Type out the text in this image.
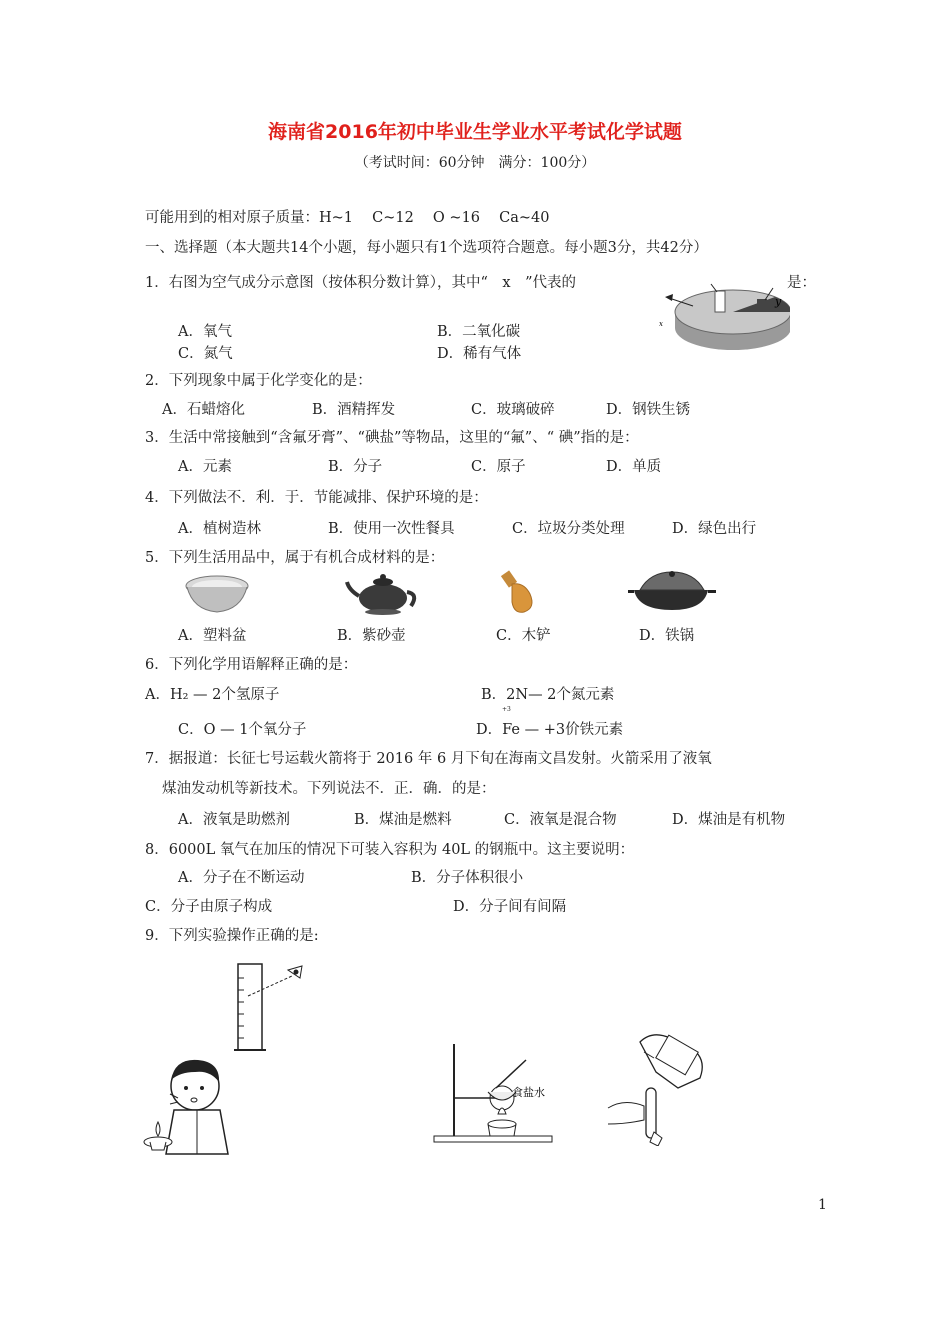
海南省2016年初中毕业生学业水平考试化学试题
（考试时间：60分钟　满分：100分）
可能用到的相对原子质量：H~1　 C~12　 O ~16　 Ca~40
一、选择题（本大题共14个小题，每小题只有1个选项符合题意。每小题3分，共42分）
1．右图为空气成分示意图（按体积分数计算），其中“　x　”代表的	是：
A．氧气	B．二氧化碳
C．氮气	D．稀有气体
x
y
2．下列现象中属于化学变化的是：
A．石蜡熔化	B．酒精挥发	C．玻璃破碎	D．钢铁生锈
3．生活中常接触到“含氟牙膏”、“碘盐”等物品，这里的“氟”、“ 碘”指的是：
A．元素	B．分子	C．原子	D．单质
4．下列做法不．利．于．节能减排、保护环境的是：
A．植树造林	B．使用一次性餐具	C．垃圾分类处理	D．绿色出行
5．下列生活用品中，属于有机合成材料的是：
A．塑料盆	B．紫砂壶	C．木铲	D．铁锅
6．下列化学用语解释正确的是：
A．H₂ — 2个氢原子	B．2N— 2个氮元素
+3
C．O — 1个氧分子	D．Fe — +3价铁元素
7．据报道：长征七号运载火箭将于 2016 年 6 月下旬在海南文昌发射。火箭采用了液氧
煤油发动机等新技术。下列说法不．正．确．的是：
A．液氧是助燃剂	B．煤油是燃料	C．液氧是混合物	D．煤油是有机物
8．6000L 氧气在加压的情况下可装入容积为 40L 的钢瓶中。这主要说明：
A．分子在不断运动	B．分子体积很小
C．分子由原子构成	D．分子间有间隔
9．下列实验操作正确的是:
食盐水
1
